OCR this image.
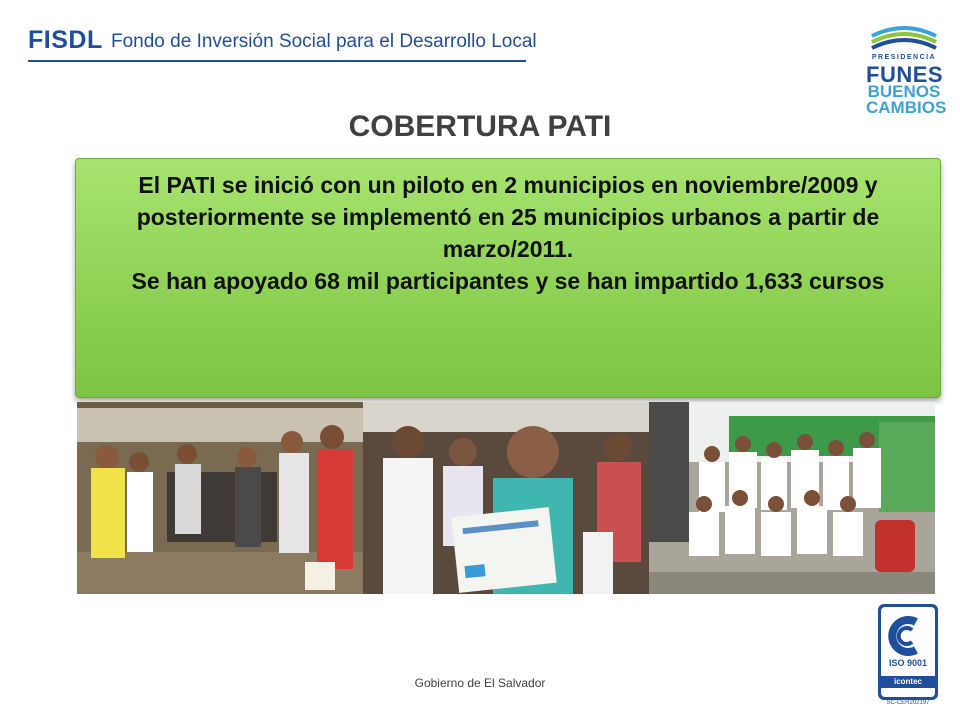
FISDL Fondo de Inversión Social para el Desarrollo Local
PRESIDENCIA
FUNES
BUENOS
CAMBIOS
COBERTURA PATI
El PATI se inició con un piloto en 2 municipios en noviembre/2009 y posteriormente se implementó en 25 municipios urbanos a partir de marzo/2011.
Se han apoyado 68 mil participantes y se han impartido 1,633 cursos
Gobierno de El Salvador
ISO 9001
icontec
SC-CER202197
